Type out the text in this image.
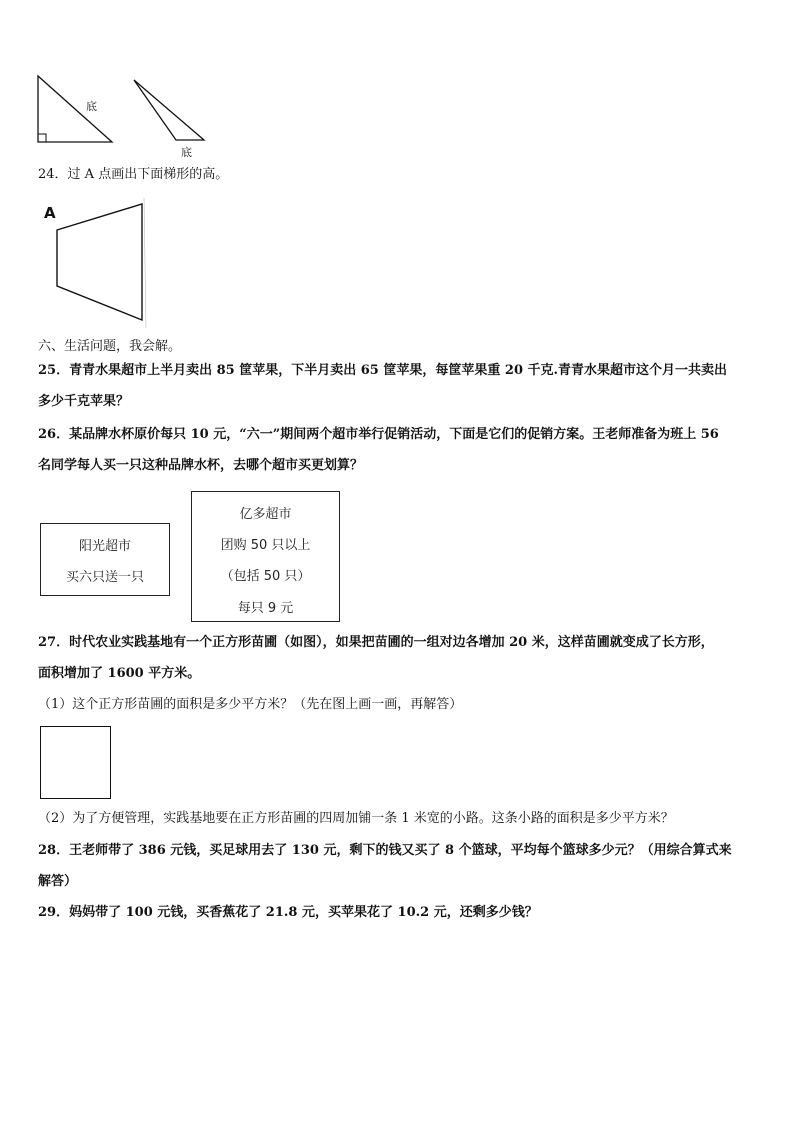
底
底
24．过 A 点画出下面梯形的高。
A
六、生活问题，我会解。
25．青青水果超市上半月卖出 85 筐苹果，下半月卖出 65 筐苹果，每筐苹果重 20 千克.青青水果超市这个月一共卖出
多少千克苹果？
26．某品牌水杯原价每只 10 元，“六一”期间两个超市举行促销活动，下面是它们的促销方案。王老师准备为班上 56
名同学每人买一只这种品牌水杯，去哪个超市买更划算？
阳光超市
买六只送一只
亿多超市
团购 50 只以上
（包括 50 只）
每只 9 元
27．时代农业实践基地有一个正方形苗圃（如图），如果把苗圃的一组对边各增加 20 米，这样苗圃就变成了长方形，
面积增加了 1600 平方米。
（1）这个正方形苗圃的面积是多少平方米？（先在图上画一画，再解答）
（2）为了方便管理，实践基地要在正方形苗圃的四周加铺一条 1 米宽的小路。这条小路的面积是多少平方米？
28．王老师带了 386 元钱，买足球用去了 130 元，剩下的钱又买了 8 个篮球，平均每个篮球多少元？（用综合算式来
解答）
29．妈妈带了 100 元钱，买香蕉花了 21.8 元，买苹果花了 10.2 元，还剩多少钱？
